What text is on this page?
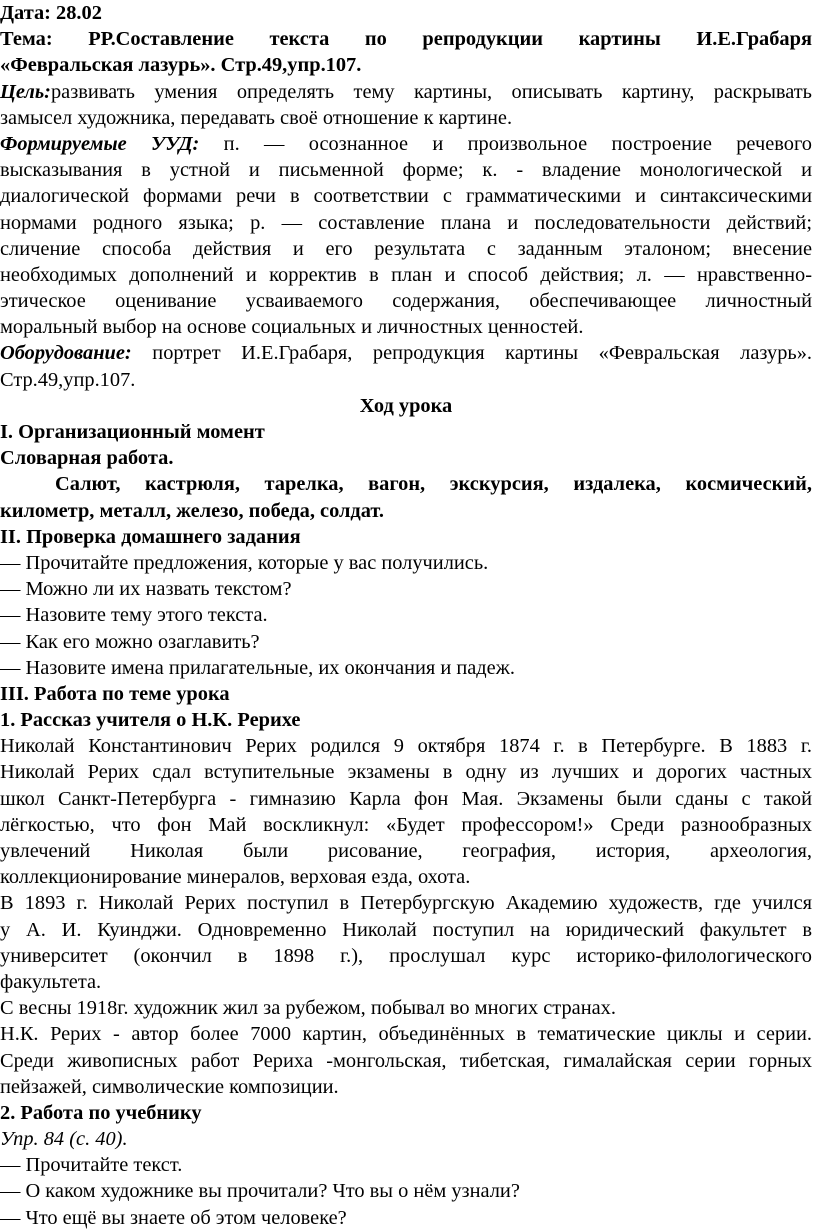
Дата: 28.02
Тема: РР.Составление текста по репродукции картины И.Е.Грабаря
«Февральская лазурь». Стр.49,упр.107.
Цель:развивать умения определять тему картины, описывать картину, раскрывать
замысел художника, передавать своё отношение к картине.
Формируемые УУД: п. ― осознанное и произвольное построение речевого
высказывания в устной и письменной форме; к. - владение монологической и
диалогической формами речи в соответствии с грамматическими и синтаксическими
нормами родного языка; р. ― составление плана и последовательности действий;
сличение способа действия и его результата с заданным эталоном; внесение
необходимых дополнений и корректив в план и способ действия; л. ― нравственно-
этическое оценивание усваиваемого содержания, обеспечивающее личностный
моральный выбор на основе социальных и личностных ценностей.
Оборудование: портрет И.Е.Грабаря, репродукция картины «Февральская лазурь».
Стр.49,упр.107.
Ход урока
I. Организационный момент
Словарная работа.
Салют, кастрюля, тарелка, вагон, экскурсия, издалека, космический,
километр, металл, железо, победа, солдат.
II. Проверка домашнего задания
― Прочитайте предложения, которые у вас получились.
― Можно ли их назвать текстом?
― Назовите тему этого текста.
― Как его можно озаглавить?
― Назовите имена прилагательные, их окончания и падеж.
III. Работа по теме урока
1. Рассказ учителя о Н.К. Рерихе
Николай Константинович Рерих родился 9 октября 1874 г. в Петербурге. В 1883 г.
Николай Рерих сдал вступительные экзамены в одну из лучших и дорогих частных
школ Санкт-Петербурга - гимназию Карла фон Мая. Экзамены были сданы с такой
лёгкостью, что фон Май воскликнул: «Будет профессором!» Среди разнообразных
увлечений Николая были рисование, география, история, археология,
коллекционирование минералов, верховая езда, охота.
В 1893 г. Николай Рерих поступил в Петербургскую Академию художеств, где учился
у А. И. Куинджи. Одновременно Николай поступил на юридический факультет в
университет (окончил в 1898 г.), прослушал курс историко-филологического
факультета.
С весны 1918г. художник жил за рубежом, побывал во многих странах.
Н.К. Рерих - автор более 7000 картин, объединённых в тематические циклы и серии.
Среди живописных работ Рериха -монгольская, тибетская, гималайская серии горных
пейзажей, символические композиции.
2. Работа по учебнику
Упр. 84 (с. 40).
― Прочитайте текст.
― О каком художнике вы прочитали? Что вы о нём узнали?
― Что ещё вы знаете об этом человеке?
